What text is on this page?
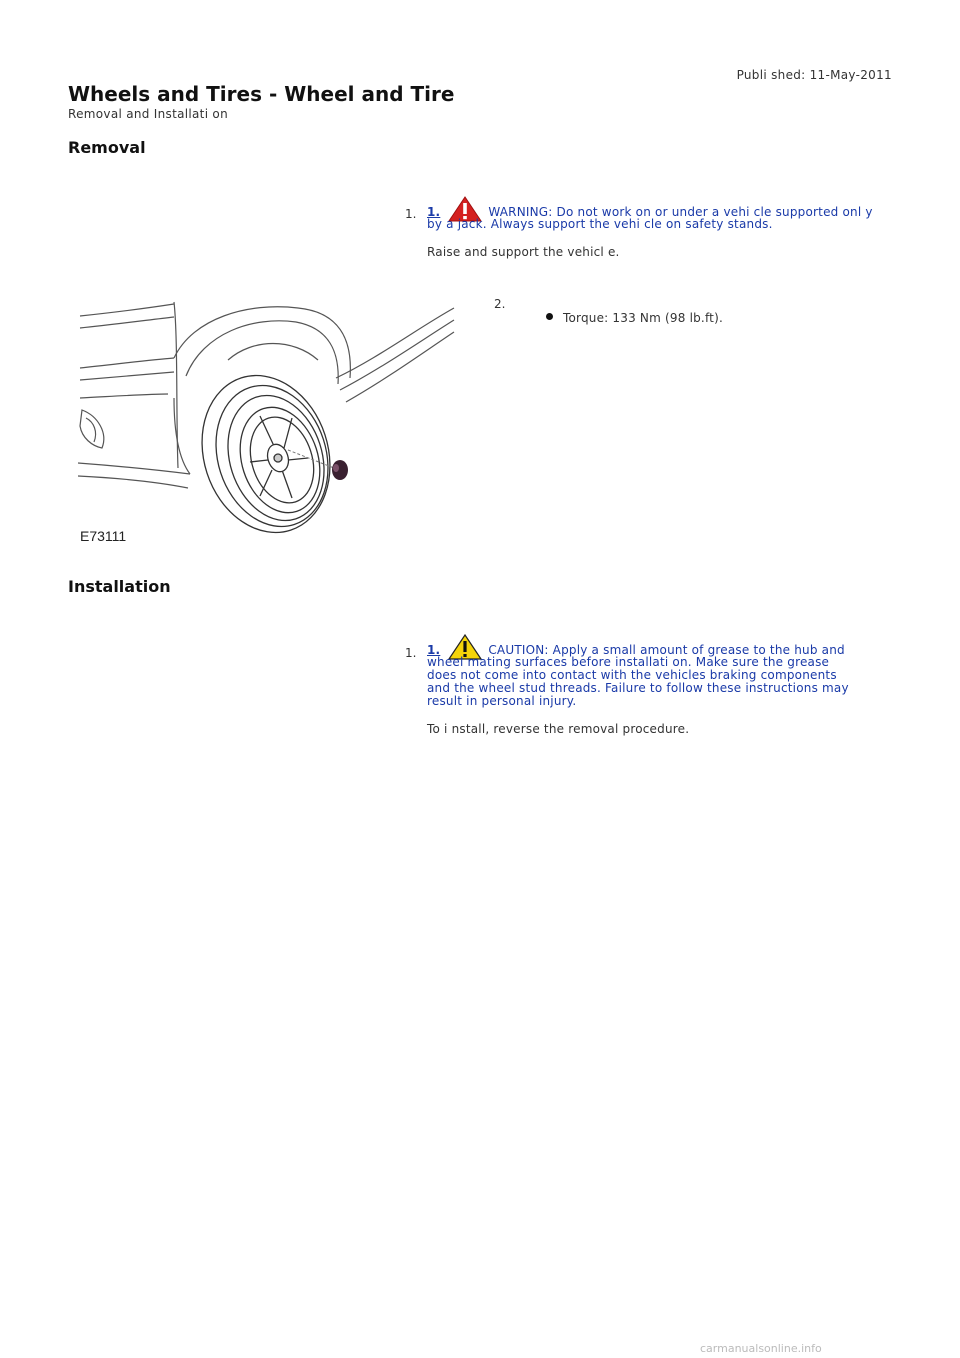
Publi shed: 11-May-2011
Wheels and Tires - Wheel and Tire
Removal and Installati on
Removal
1. 1.	WARNING: Do not work on or under a vehi cle supported onl y
by a jack. Always support the vehi cle on safety stands.
Raise and support the vehicl e.
2.
Torque: 133 Nm (98 lb.ft).
E73111
Installation
1. 1.	CAUTION: Apply a small amount of grease to the hub and
wheel mating surfaces before installati on. Make sure the grease
does not come into contact with the vehicles braking components
and the wheel stud threads. Failure to follow these instructions may
result in personal injury.
To i nstall, reverse the removal procedure.
carmanualsonline.info
